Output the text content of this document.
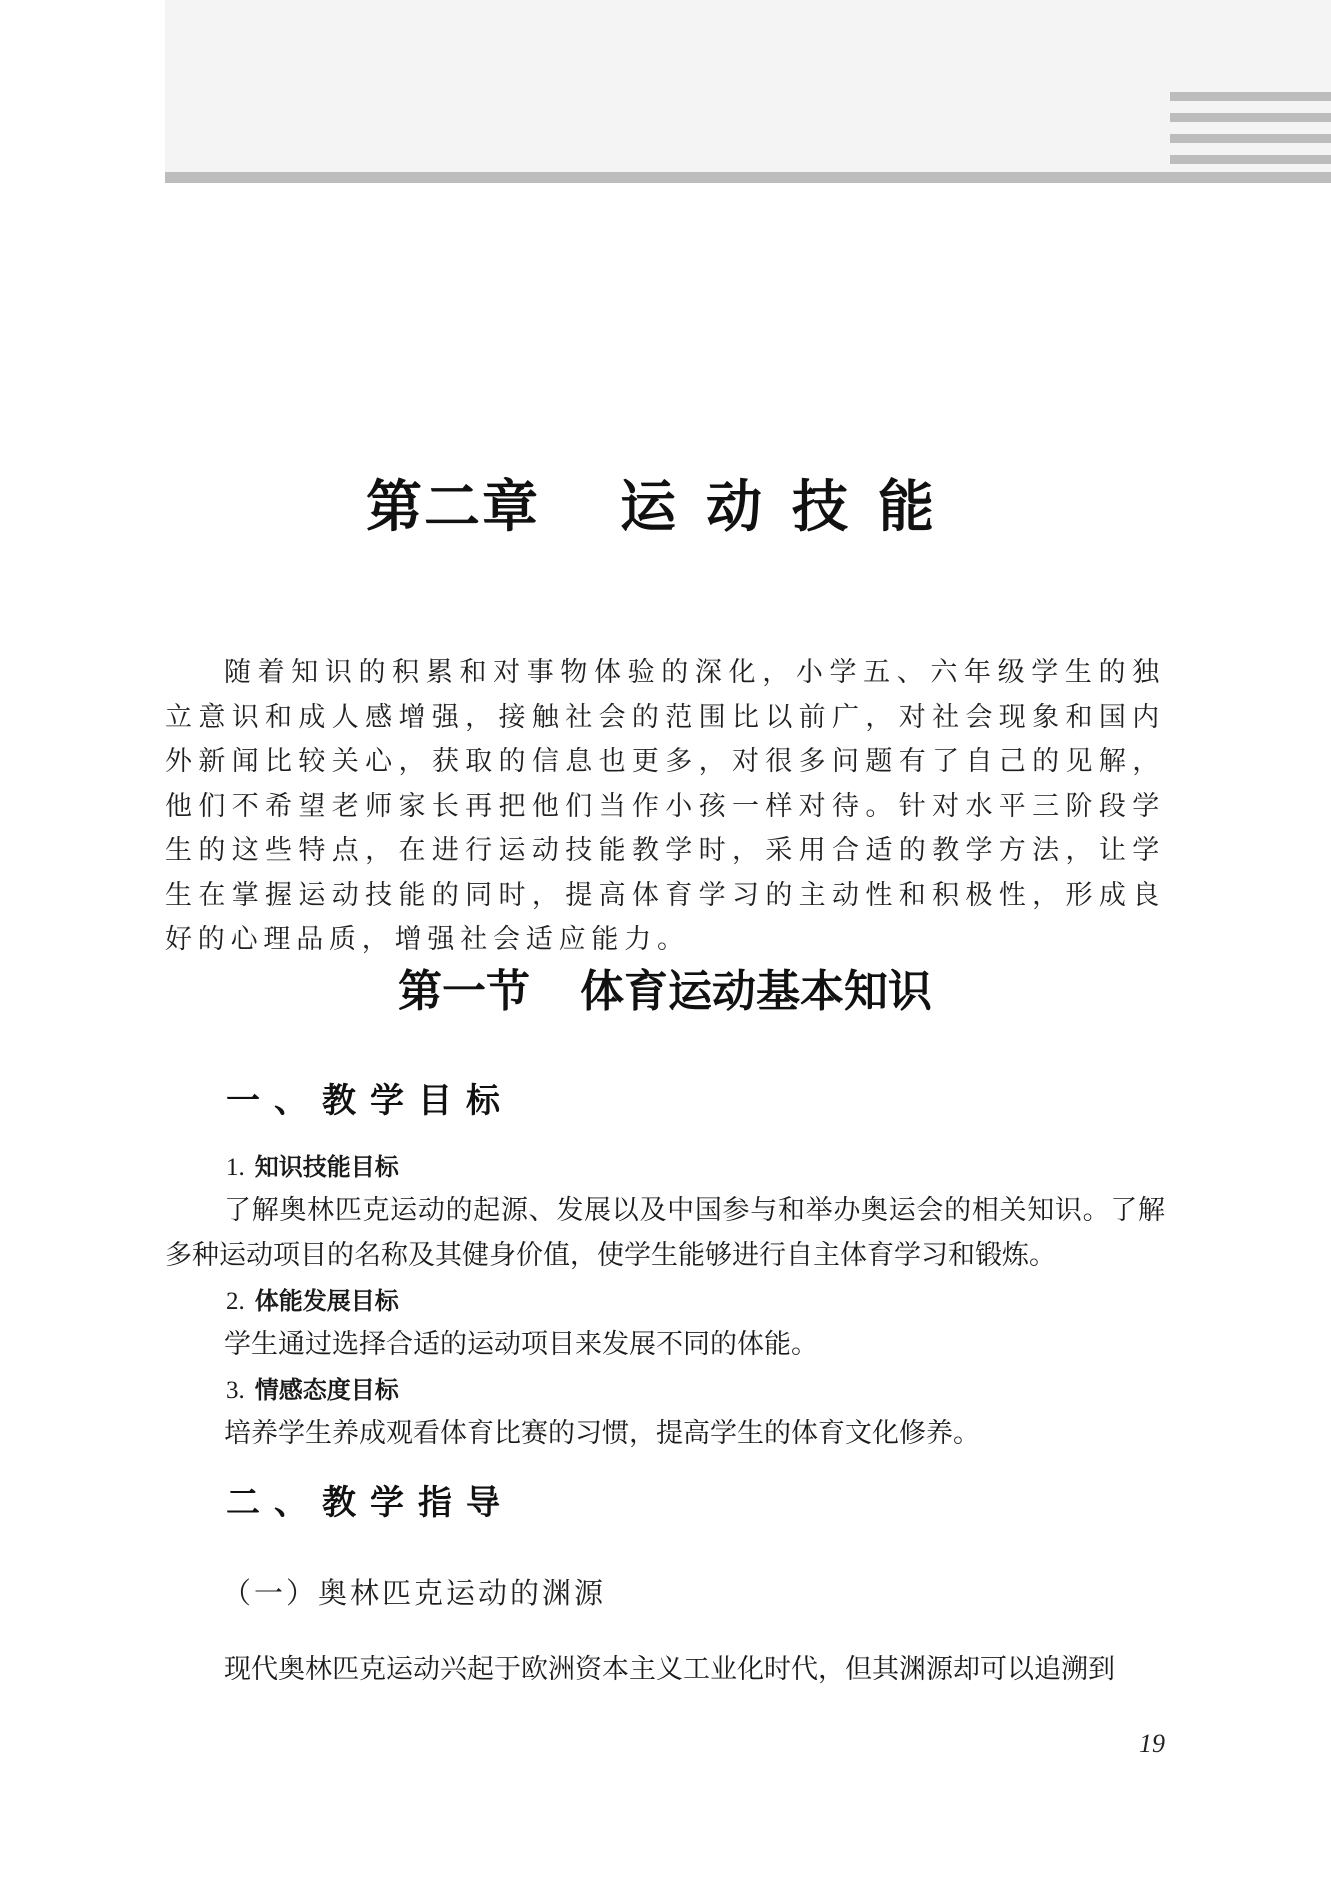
第二章 运动技能
随着知识的积累和对事物体验的深化，小学五、六年级学生的独立意识和成人感增强，接触社会的范围比以前广，对社会现象和国内外新闻比较关心，获取的信息也更多，对很多问题有了自己的见解，他们不希望老师家长再把他们当作小孩一样对待。针对水平三阶段学生的这些特点，在进行运动技能教学时，采用合适的教学方法，让学生在掌握运动技能的同时，提高体育学习的主动性和积极性，形成良好的心理品质，增强社会适应能力。
第一节 体育运动基本知识
一、教学目标
1. 知识技能目标
了解奥林匹克运动的起源、发展以及中国参与和举办奥运会的相关知识。了解多种运动项目的名称及其健身价值，使学生能够进行自主体育学习和锻炼。
2. 体能发展目标
学生通过选择合适的运动项目来发展不同的体能。
3. 情感态度目标
培养学生养成观看体育比赛的习惯，提高学生的体育文化修养。
二、教学指导
（一）奥林匹克运动的渊源
现代奥林匹克运动兴起于欧洲资本主义工业化时代，但其渊源却可以追溯到
19
